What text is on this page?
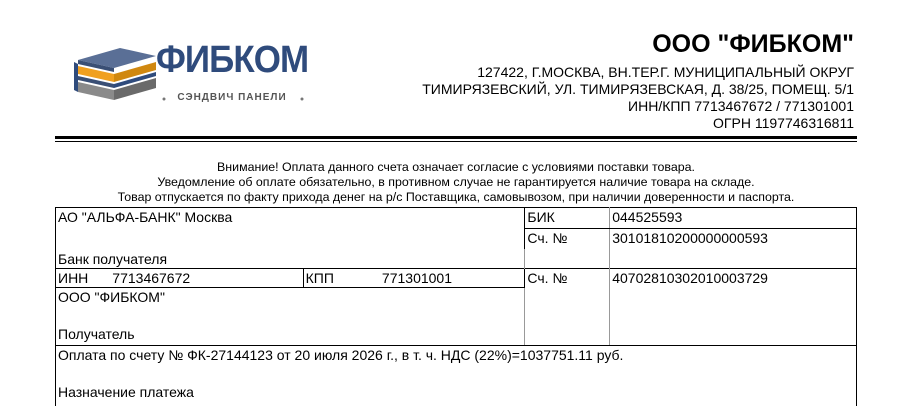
ФИБКОМ
СЭНДВИЧ ПАНЕЛИ
ООО "ФИБКОМ"
127422, Г.МОСКВА, ВН.ТЕР.Г. МУНИЦИПАЛЬНЫЙ ОКРУГ
ТИМИРЯЗЕВСКИЙ, УЛ. ТИМИРЯЗЕВСКАЯ, Д. 38/25, ПОМЕЩ. 5/1
ИНН/КПП 7713467672 / 771301001
ОГРН 1197746316811
Внимание! Оплата данного счета означает согласие с условиями поставки товара.
Уведомление об оплате обязательно, в противном случае не гарантируется наличие товара на складе.
Товар отпускается по факту прихода денег на р/с Поставщика, самовывозом, при наличии доверенности и паспорта.
АО "АЛЬФА-БАНК" Москва		БИК	044525593
		Сч. №	30101810200000000593
Банк получателя			
ИНН 7713467672	КПП 771301001	Сч. №	40702810302010003729

ООО "ФИБКОМ"
Получатель			

Оплата по счету № ФК-27144123 от 20 июля 2026 г., в т. ч. НДС (22%)=1037751.11 руб.
Назначение платежа			
